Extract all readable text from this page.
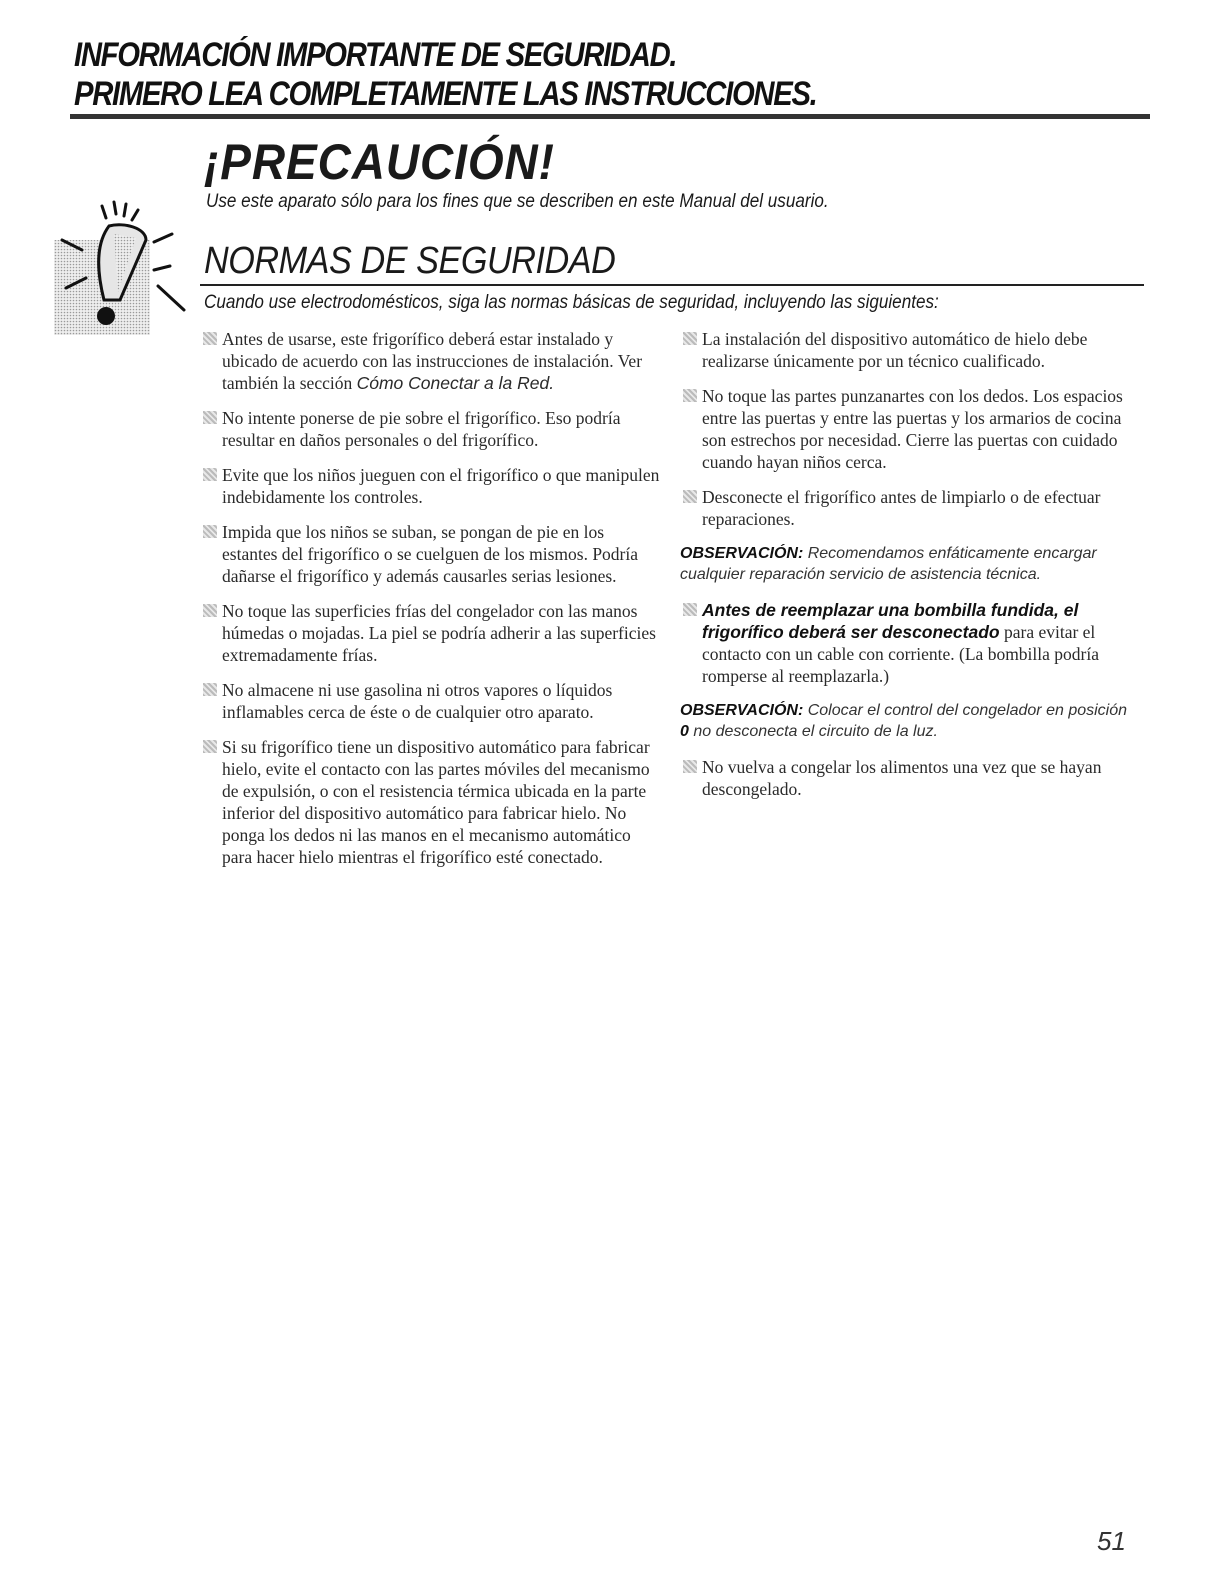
INFORMACIÓN IMPORTANTE DE SEGURIDAD.
PRIMERO LEA COMPLETAMENTE LAS INSTRUCCIONES.
¡PRECAUCIÓN!
Use este aparato sólo para los fines que se describen en este Manual del usuario.
NORMAS DE SEGURIDAD
Cuando use electrodomésticos, siga las normas básicas de seguridad, incluyendo las siguientes:

Antes de usarse, este frigorífico deberá estar instalado y ubicado de acuerdo con las instrucciones de instalación. Ver también la sección Cómo Conectar a la Red.

No intente ponerse de pie sobre el frigorífico. Eso podría resultar en daños personales o del frigorífico.

Evite que los niños jueguen con el frigorífico o que manipulen indebidamente los controles.

Impida que los niños se suban, se pongan de pie en los estantes del frigorífico o se cuelguen de los mismos. Podría dañarse el frigorífico y además causarles serias lesiones.

No toque las superficies frías del congelador con las manos húmedas o mojadas. La piel se podría adherir a las superficies extremadamente frías.

No almacene ni use gasolina ni otros vapores o líquidos inflamables cerca de éste o de cualquier otro aparato.

Si su frigorífico tiene un dispositivo automático para fabricar hielo, evite el contacto con las partes móviles del mecanismo de expulsión, o con el resistencia térmica ubicada en la parte inferior del dispositivo automático para fabricar hielo. No ponga los dedos ni las manos en el mecanismo automático para hacer hielo mientras el frigorífico esté conectado.

La instalación del dispositivo automático de hielo debe realizarse únicamente por un técnico cualificado.

No toque las partes punzanartes con los dedos. Los espacios entre las puertas y entre las puertas y los armarios de cocina son estrechos por necesidad. Cierre las puertas con cuidado cuando hayan niños cerca.

Desconecte el frigorífico antes de limpiarlo o de efectuar reparaciones.

OBSERVACIÓN: Recomendamos enfáticamente encargar cualquier reparación servicio de asistencia técnica.

Antes de reemplazar una bombilla fundida, el frigorífico deberá ser desconectado para evitar el contacto con un cable con corriente. (La bombilla podría romperse al reemplazarla.)

OBSERVACIÓN: Colocar el control del congelador en posición 0 no desconecta el circuito de la luz.

No vuelva a congelar los alimentos una vez que se hayan descongelado.

51
